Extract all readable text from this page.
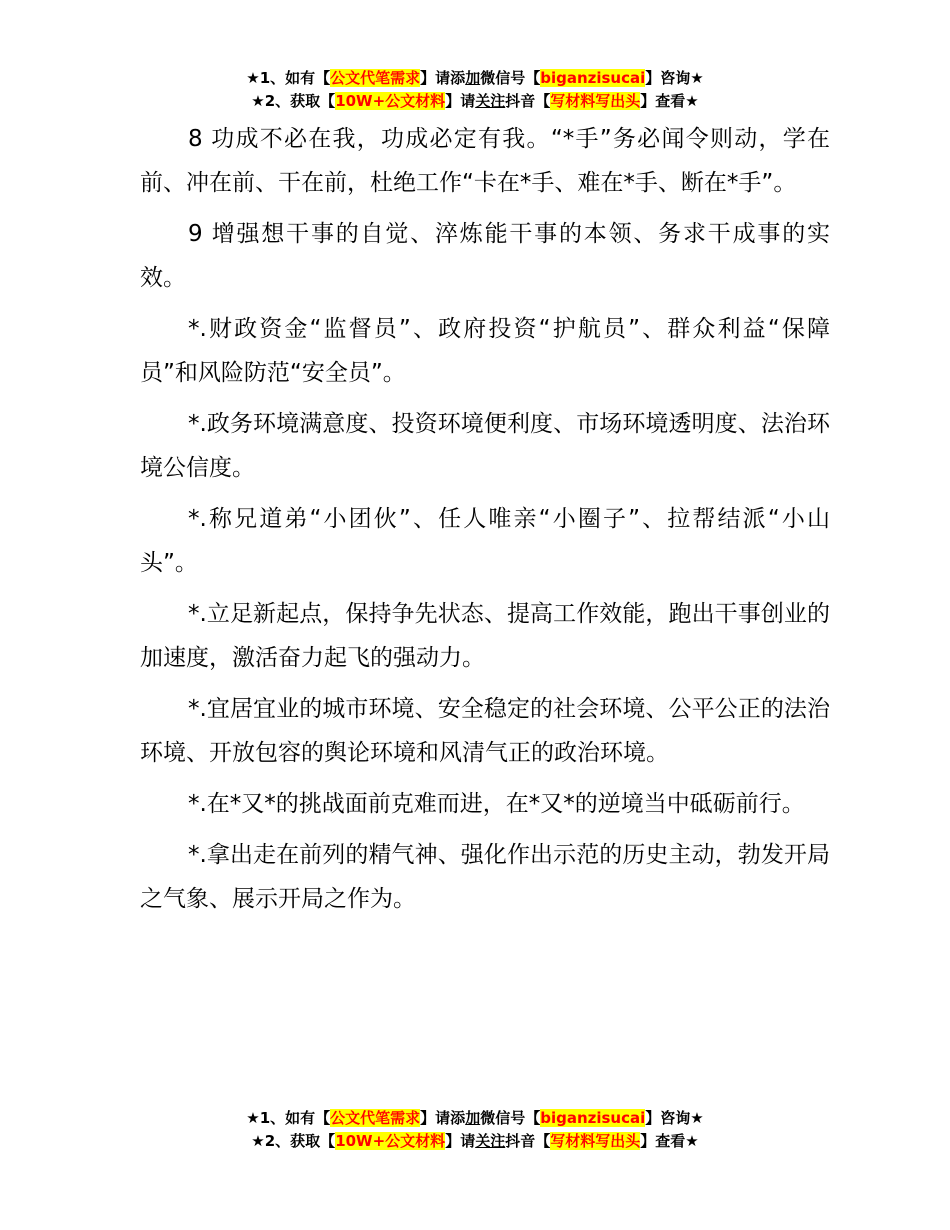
★1、如有【公文代笔需求】请添加微信号【biganzisucai】咨询★
★2、获取【10W+公文材料】请关注抖音【写材料写出头】查看★

8 功成不必在我，功成必定有我。“*手”务必闻令则动，学在前、冲在前、干在前，杜绝工作“卡在*手、难在*手、断在*手”。

9 增强想干事的自觉、淬炼能干事的本领、务求干成事的实效。

*.财政资金“监督员”、政府投资“护航员”、群众利益“保障员”和风险防范“安全员”。

*.政务环境满意度、投资环境便利度、市场环境透明度、法治环境公信度。

*.称兄道弟“小团伙”、任人唯亲“小圈子”、拉帮结派“小山头”。

*.立足新起点，保持争先状态、提高工作效能，跑出干事创业的加速度，激活奋力起飞的强动力。

*.宜居宜业的城市环境、安全稳定的社会环境、公平公正的法治环境、开放包容的舆论环境和风清气正的政治环境。

*.在*又*的挑战面前克难而进，在*又*的逆境当中砥砺前行。

*.拿出走在前列的精气神、强化作出示范的历史主动，勃发开局之气象、展示开局之作为。

★1、如有【公文代笔需求】请添加微信号【biganzisucai】咨询★
★2、获取【10W+公文材料】请关注抖音【写材料写出头】查看★
